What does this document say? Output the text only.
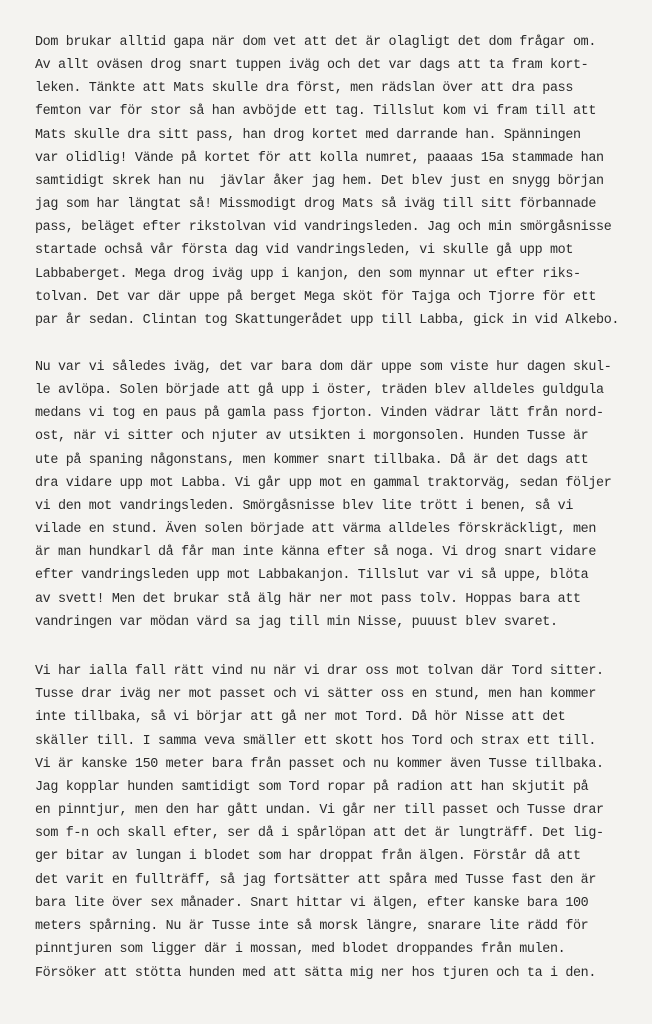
Dom brukar alltid gapa när dom vet att det är olagligt det dom frågar om.

Av allt oväsen drog snart tuppen iväg och det var dags att ta fram kort-

leken. Tänkte att Mats skulle dra först, men rädslan över att dra pass

femton var för stor så han avböjde ett tag. Tillslut kom vi fram till att

Mats skulle dra sitt pass, han drog kortet med darrande han. Spänningen

var olidlig! Vände på kortet för att kolla numret, paaaas 15a stammade han

samtidigt skrek han nu  jävlar åker jag hem. Det blev just en snygg början

jag som har längtat så! Missmodigt drog Mats så iväg till sitt förbannade

pass, beläget efter rikstolvan vid vandringsleden. Jag och min smörgåsnisse

startade ochså vår första dag vid vandringsleden, vi skulle gå upp mot

Labbaberget. Mega drog iväg upp i kanjon, den som mynnar ut efter riks-

tolvan. Det var där uppe på berget Mega sköt för Tajga och Tjorre för ett

par år sedan. Clintan tog Skattungerådet upp till Labba, gick in vid Alkebo.

Nu var vi således iväg, det var bara dom där uppe som viste hur dagen skul-

le avlöpa. Solen började att gå upp i öster, träden blev alldeles guldgula

medans vi tog en paus på gamla pass fjorton. Vinden vädrar lätt från nord-

ost, när vi sitter och njuter av utsikten i morgonsolen. Hunden Tusse är

ute på spaning någonstans, men kommer snart tillbaka. Då är det dags att

dra vidare upp mot Labba. Vi går upp mot en gammal traktorväg, sedan följer

vi den mot vandringsleden. Smörgåsnisse blev lite trött i benen, så vi

vilade en stund. Även solen började att värma alldeles förskräckligt, men

är man hundkarl då får man inte känna efter så noga. Vi drog snart vidare

efter vandringsleden upp mot Labbakanjon. Tillslut var vi så uppe, blöta

av svett! Men det brukar stå älg här ner mot pass tolv. Hoppas bara att

vandringen var mödan värd sa jag till min Nisse, puuust blev svaret.

Vi har ialla fall rätt vind nu när vi drar oss mot tolvan där Tord sitter.

Tusse drar iväg ner mot passet och vi sätter oss en stund, men han kommer

inte tillbaka, så vi börjar att gå ner mot Tord. Då hör Nisse att det

skäller till. I samma veva smäller ett skott hos Tord och strax ett till.

Vi är kanske 150 meter bara från passet och nu kommer även Tusse tillbaka.

Jag kopplar hunden samtidigt som Tord ropar på radion att han skjutit på

en pinntjur, men den har gått undan. Vi går ner till passet och Tusse drar

som f-n och skall efter, ser då i spårlöpan att det är lungträff. Det lig-

ger bitar av lungan i blodet som har droppat från älgen. Förstår då att

det varit en fullträff, så jag fortsätter att spåra med Tusse fast den är

bara lite över sex månader. Snart hittar vi älgen, efter kanske bara 100

meters spårning. Nu är Tusse inte så morsk längre, snarare lite rädd för

pinntjuren som ligger där i mossan, med blodet droppandes från mulen.

Försöker att stötta hunden med att sätta mig ner hos tjuren och ta i den.
